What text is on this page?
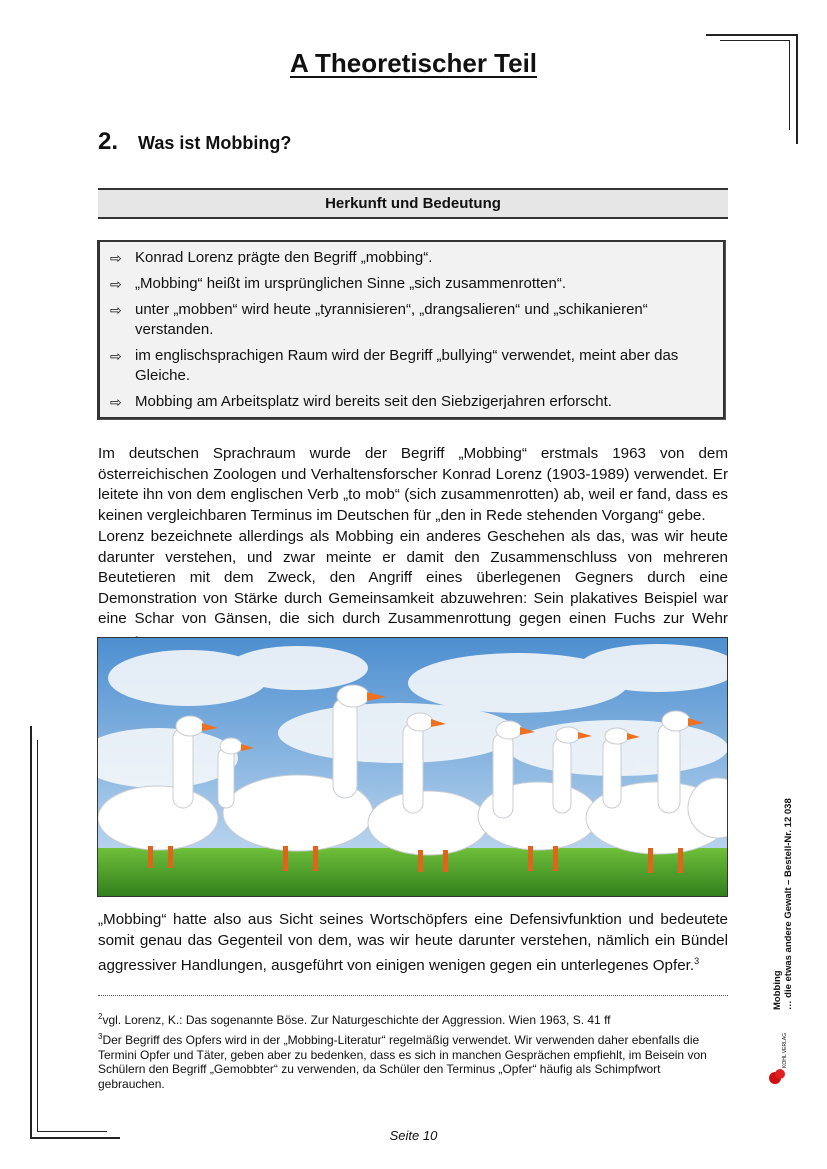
A Theoretischer Teil
2. Was ist Mobbing?
Herkunft und Bedeutung
⇨ Konrad Lorenz prägte den Begriff „mobbing“.
⇨ „Mobbing“ heißt im ursprünglichen Sinne „sich zusammenrotten“.
⇨ unter „mobben“ wird heute „tyrannisieren“, „drangsalieren“ und „schikanieren“ verstanden.
⇨ im englischsprachigen Raum wird der Begriff „bullying“ verwendet, meint aber das Gleiche.
⇨ Mobbing am Arbeitsplatz wird bereits seit den Siebzigerjahren erforscht.
Im deutschen Sprachraum wurde der Begriff „Mobbing“ erstmals 1963 von dem österreichischen Zoologen und Verhaltensforscher Konrad Lorenz (1903-1989) verwendet. Er leitete ihn von dem englischen Verb „to mob“ (sich zusammenrotten) ab, weil er fand, dass es keinen vergleichbaren Terminus im Deutschen für „den in Rede stehenden Vorgang“ gebe.
Lorenz bezeichnete allerdings als Mobbing ein anderes Geschehen als das, was wir heute darunter verstehen, und zwar meinte er damit den Zusammenschluss von mehreren Beutetieren mit dem Zweck, den Angriff eines überlegenen Gegners durch eine Demonstration von Stärke durch Gemeinsamkeit abzuwehren: Sein plakatives Beispiel war eine Schar von Gänsen, die sich durch Zusammenrottung gegen einen Fuchs zur Wehr
„Mobbing“ hatte also aus Sicht seines Wortschöpfers eine Defensivfunktion und bedeutete somit genau das Gegenteil von dem, was wir heute darunter verstehen, nämlich ein Bündel aggressiver Handlungen, ausgeführt von einigen wenigen gegen ein unterlegenes Opfer.$^3$
$^2$vgl. Lorenz, K.: Das sogenannte Böse. Zur Naturgeschichte der Aggression. Wien 1963, S. 41 ff
$^3$Der Begriff des Opfers wird in der „Mobbing-Literatur“ regelmäßig verwendet. Wir verwenden daher ebenfalls die Termini Opfer und Täter, geben aber zu bedenken, dass es sich in manchen Gesprächen empfiehlt, im Beisein von Schülern den Begriff „Gemobbter“ zu verwenden, da Schüler den Terminus „Opfer“ häufig als Schimpfwort gebrauchen.
Seite 10
Mobbing … die etwas andere Gewalt – Bestell-Nr. 12 038
KOHL VERLAG
